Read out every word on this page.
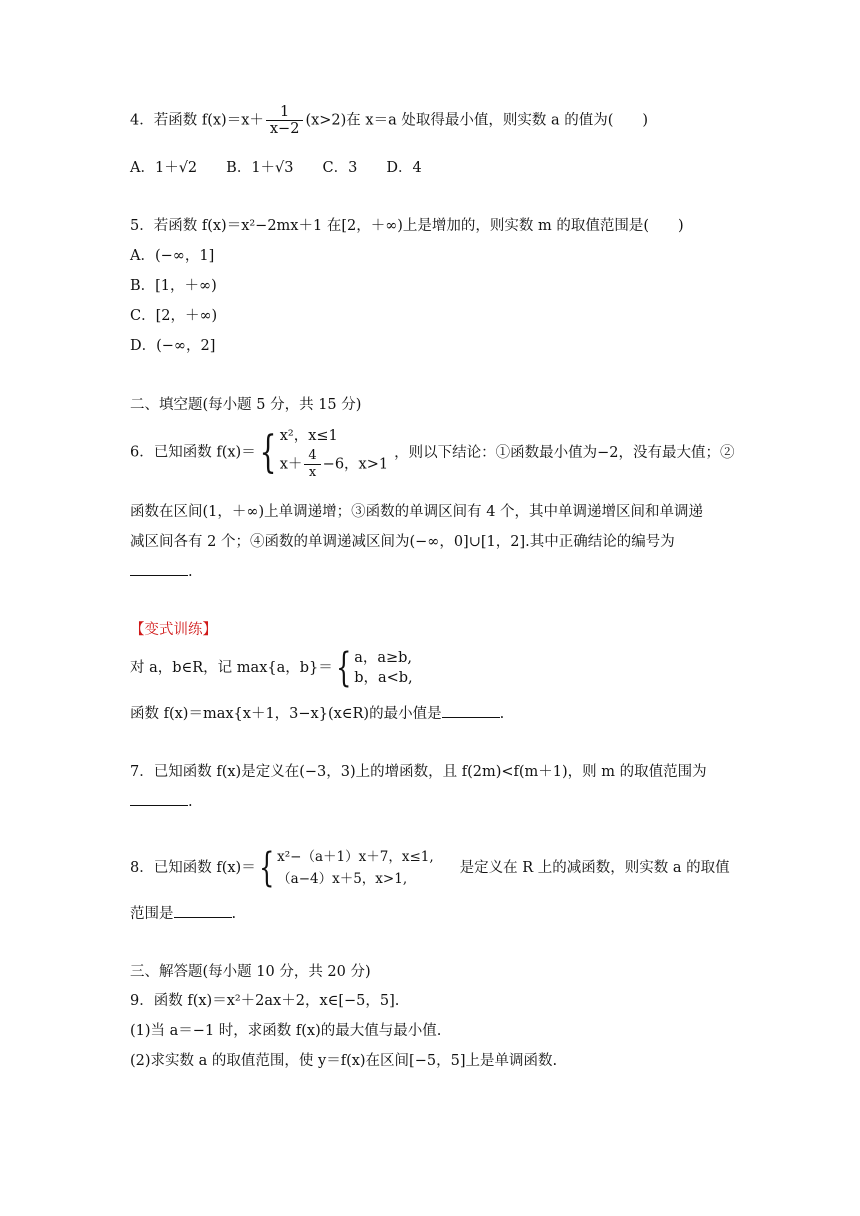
4．若函数 $f(x)=x+ \frac{1}{x-2} (x>2)$在 x＝a 处取得最小值，则实数 a 的值为(　　)
A．1＋√2　　B．1＋√3　　C．3　　D．4
5．若函数 f(x)＝x²−2mx＋1 在[2，＋∞)上是增加的，则实数 m 的取值范围是(　　)
A．(−∞，1]
B．[1，＋∞)
C．[2，＋∞)
D．(−∞，2]
二、填空题(每小题 5 分，共 15 分)
6．已知函数 f(x)＝{ x²，x≤1
$x+ \frac{4}{x} -6$，x>1
，则以下结论：①函数最小值为−2，没有最大值；②
函数在区间(1，＋∞)上单调递增；③函数的单调区间有 4 个，其中单调递增区间和单调递
减区间各有 2 个；④函数的单调递减区间为(−∞，0]∪[1，2].其中正确结论的编号为
.
【变式训练】
对 a，b∈R，记 max{a，b}＝{ a，a≥b,
b，a<b,
函数 f(x)＝max{x＋1，3−x}(x∈R)的最小值是	.
7．已知函数 f(x)是定义在(−3，3)上的增函数，且 f(2m)<f(m＋1)，则 m 的取值范围为
.
8．已知函数 f(x)＝{ x²−（a＋1）x＋7，x≤1,
（a−4）x＋5，x>1,
是定义在 R 上的减函数，则实数 a 的取值
范围是	.
三、解答题(每小题 10 分，共 20 分)
9．函数 f(x)＝x²＋2ax＋2，x∈[−5，5].
(1)当 a＝−1 时，求函数 f(x)的最大值与最小值.
(2)求实数 a 的取值范围，使 y＝f(x)在区间[−5，5]上是单调函数.
